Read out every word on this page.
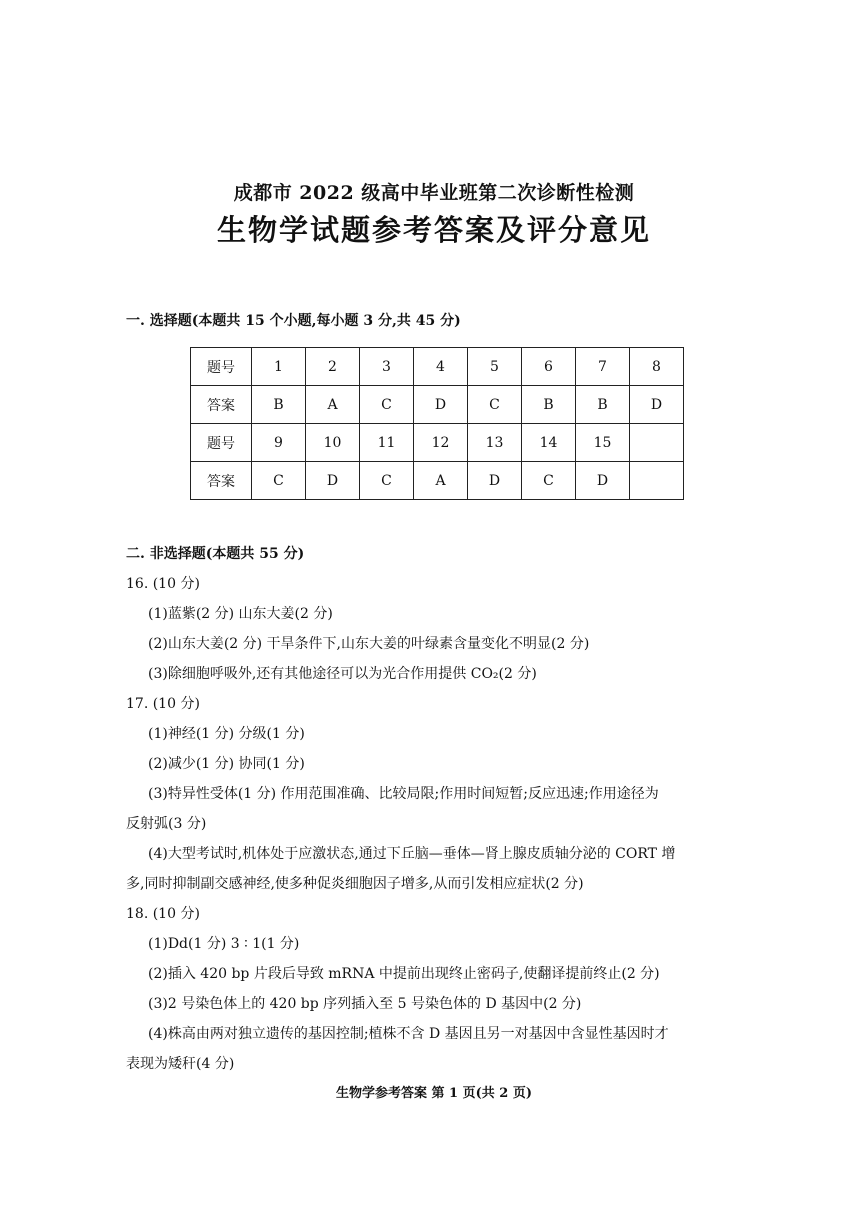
成都市 2022 级高中毕业班第二次诊断性检测
生物学试题参考答案及评分意见
一. 选择题(本题共 15 个小题,每小题 3 分,共 45 分)
题号	1	2	3	4	5	6	7	8
答案	B	A	C	D	C	B	B	D
题号	9	10	11	12	13	14	15	
答案	C	D	C	A	D	C	D	
二. 非选择题(本题共 55 分)
16. (10 分)
(1)蓝紫(2 分) 山东大姜(2 分)
(2)山东大姜(2 分) 干旱条件下,山东大姜的叶绿素含量变化不明显(2 分)
(3)除细胞呼吸外,还有其他途径可以为光合作用提供 CO₂(2 分)
17. (10 分)
(1)神经(1 分) 分级(1 分)
(2)减少(1 分) 协同(1 分)
(3)特异性受体(1 分) 作用范围准确、比较局限;作用时间短暂;反应迅速;作用途径为
反射弧(3 分)
(4)大型考试时,机体处于应激状态,通过下丘脑—垂体—肾上腺皮质轴分泌的 CORT 增
多,同时抑制副交感神经,使多种促炎细胞因子增多,从而引发相应症状(2 分)
18. (10 分)
(1)Dd(1 分) 3 ∶ 1(1 分)
(2)插入 420 bp 片段后导致 mRNA 中提前出现终止密码子,使翻译提前终止(2 分)
(3)2 号染色体上的 420 bp 序列插入至 5 号染色体的 D 基因中(2 分)
(4)株高由两对独立遗传的基因控制;植株不含 D 基因且另一对基因中含显性基因时才
表现为矮秆(4 分)
生物学参考答案 第 1 页(共 2 页)
